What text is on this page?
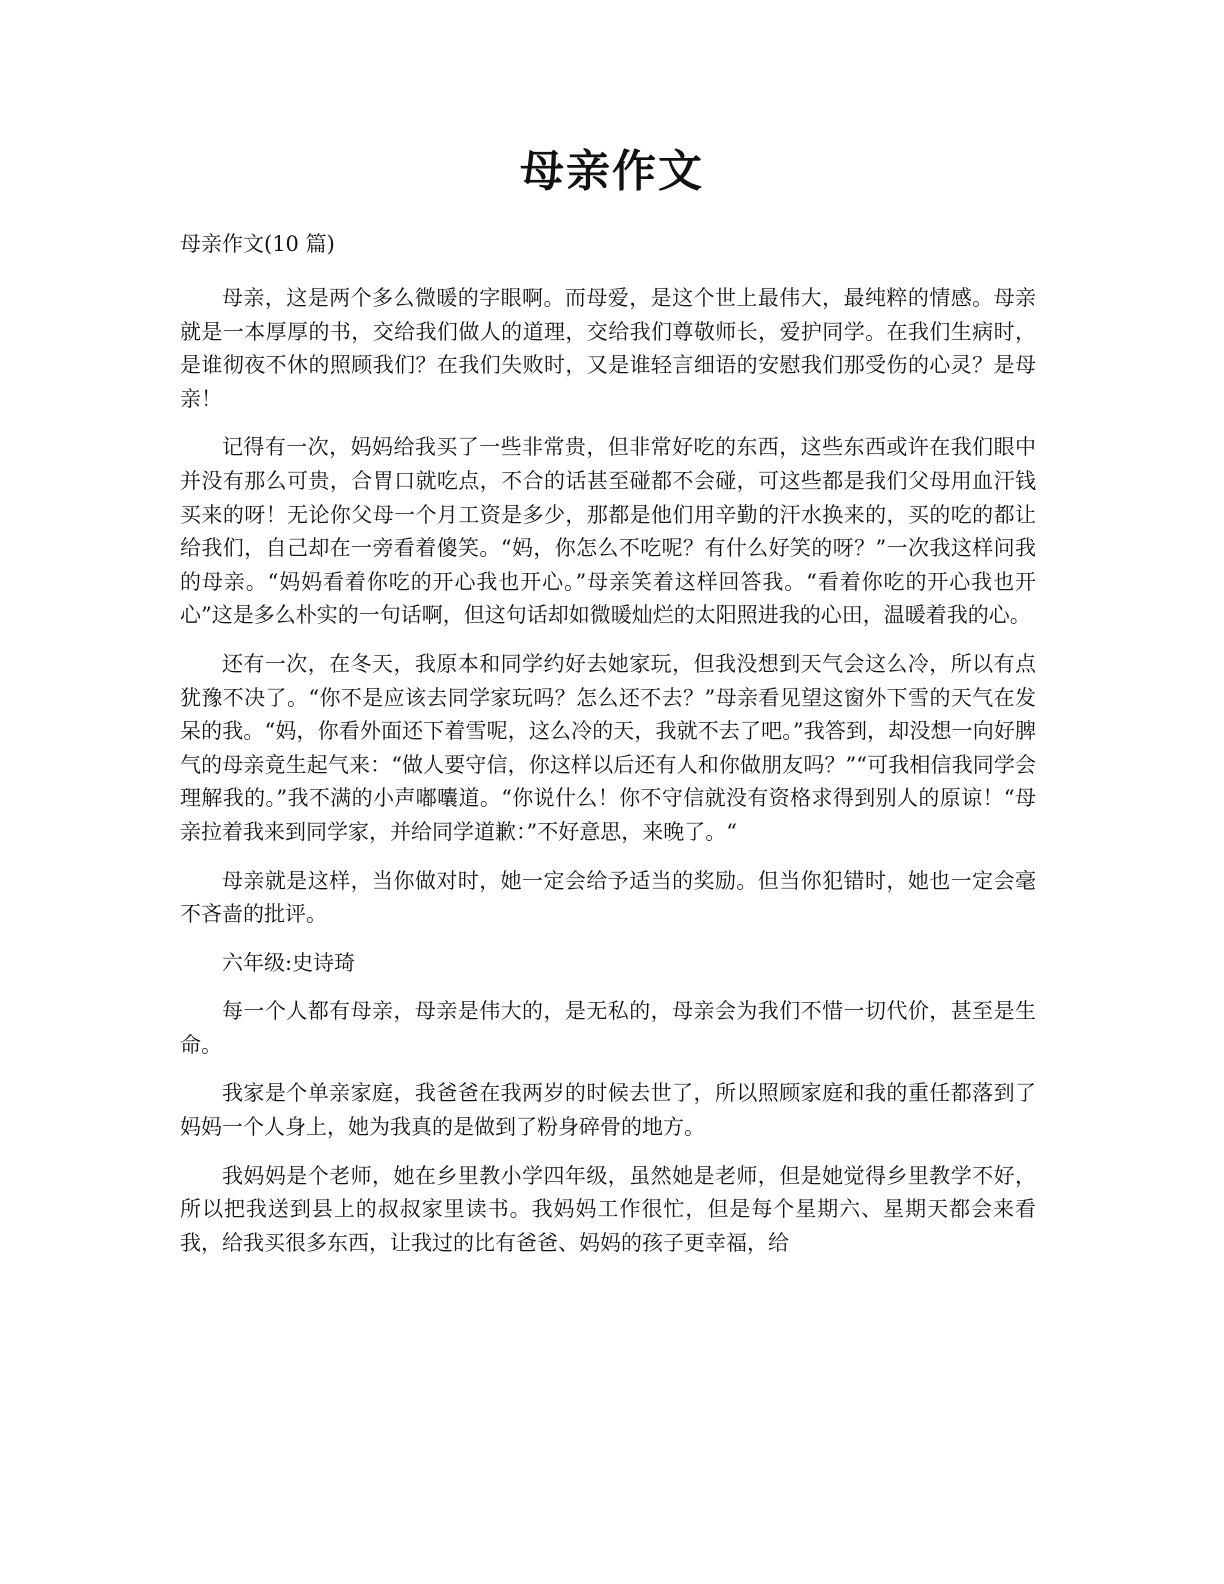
母亲作文

母亲作文(10 篇)

母亲，这是两个多么微暖的字眼啊。而母爱，是这个世上最伟大，最纯粹的情感。母亲就是一本厚厚的书，交给我们做人的道理，交给我们尊敬师长，爱护同学。在我们生病时，是谁彻夜不休的照顾我们？在我们失败时，又是谁轻言细语的安慰我们那受伤的心灵？是母亲！

记得有一次，妈妈给我买了一些非常贵，但非常好吃的东西，这些东西或许在我们眼中并没有那么可贵，合胃口就吃点，不合的话甚至碰都不会碰，可这些都是我们父母用血汗钱买来的呀！无论你父母一个月工资是多少，那都是他们用辛勤的汗水换来的，买的吃的都让给我们，自己却在一旁看着傻笑。“妈，你怎么不吃呢？有什么好笑的呀？”一次我这样问我的母亲。“妈妈看着你吃的开心我也开心。”母亲笑着这样回答我。“看着你吃的开心我也开心”这是多么朴实的一句话啊，但这句话却如微暖灿烂的太阳照进我的心田，温暖着我的心。

还有一次，在冬天，我原本和同学约好去她家玩，但我没想到天气会这么冷，所以有点犹豫不决了。“你不是应该去同学家玩吗？怎么还不去？”母亲看见望这窗外下雪的天气在发呆的我。“妈，你看外面还下着雪呢，这么冷的天，我就不去了吧。”我答到，却没想一向好脾气的母亲竟生起气来：“做人要守信，你这样以后还有人和你做朋友吗？”“可我相信我同学会理解我的。”我不满的小声嘟囔道。“你说什么！你不守信就没有资格求得到别人的原谅！“母亲拉着我来到同学家，并给同学道歉：”不好意思，来晚了。“

母亲就是这样，当你做对时，她一定会给予适当的奖励。但当你犯错时，她也一定会毫不吝啬的批评。

六年级:史诗琦

每一个人都有母亲，母亲是伟大的，是无私的，母亲会为我们不惜一切代价，甚至是生命。

我家是个单亲家庭，我爸爸在我两岁的时候去世了，所以照顾家庭和我的重任都落到了妈妈一个人身上，她为我真的是做到了粉身碎骨的地方。

我妈妈是个老师，她在乡里教小学四年级，虽然她是老师，但是她觉得乡里教学不好，所以把我送到县上的叔叔家里读书。我妈妈工作很忙，但是每个星期六、星期天都会来看我，给我买很多东西，让我过的比有爸爸、妈妈的孩子更幸福，给
